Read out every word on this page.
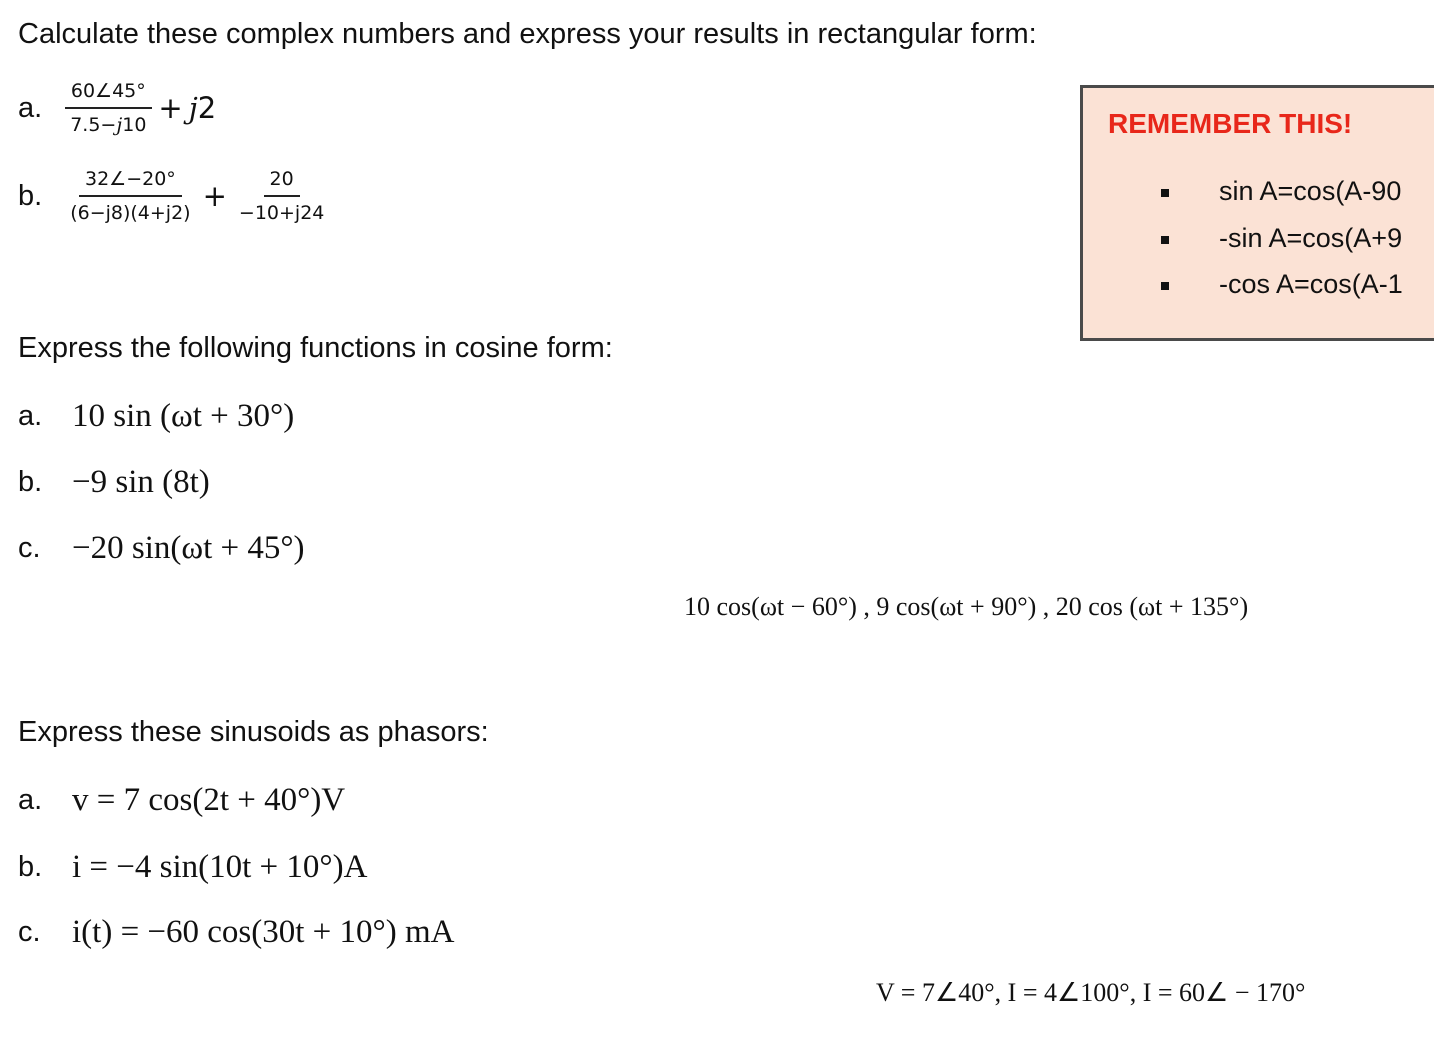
Calculate these complex numbers and express your results in rectangular form:
a. $\frac{60\angle 45^\circ}{7.5-j10} + j2$
b. $\frac{32\angle-20^\circ}{(6-j8)(4+j2)} + \frac{20}{-10+j24}$
REMEMBER THIS!
sin A=cos(A-90
-sin A=cos(A+9
-cos A=cos(A-1
Express the following functions in cosine form:
a. 10 sin (ωt + 30°)
b. −9 sin (8t)
c. −20 sin(ωt + 45°)
10 cos(ωt − 60°) , 9 cos(ωt + 90°) , 20 cos (ωt + 135°)
Express these sinusoids as phasors:
a. v = 7 cos(2t + 40°)V
b. i = −4 sin(10t + 10°)A
c. i(t) = −60 cos(30t + 10°) mA
V = 7∠40°, I = 4∠100°, I = 60∠ − 170°
